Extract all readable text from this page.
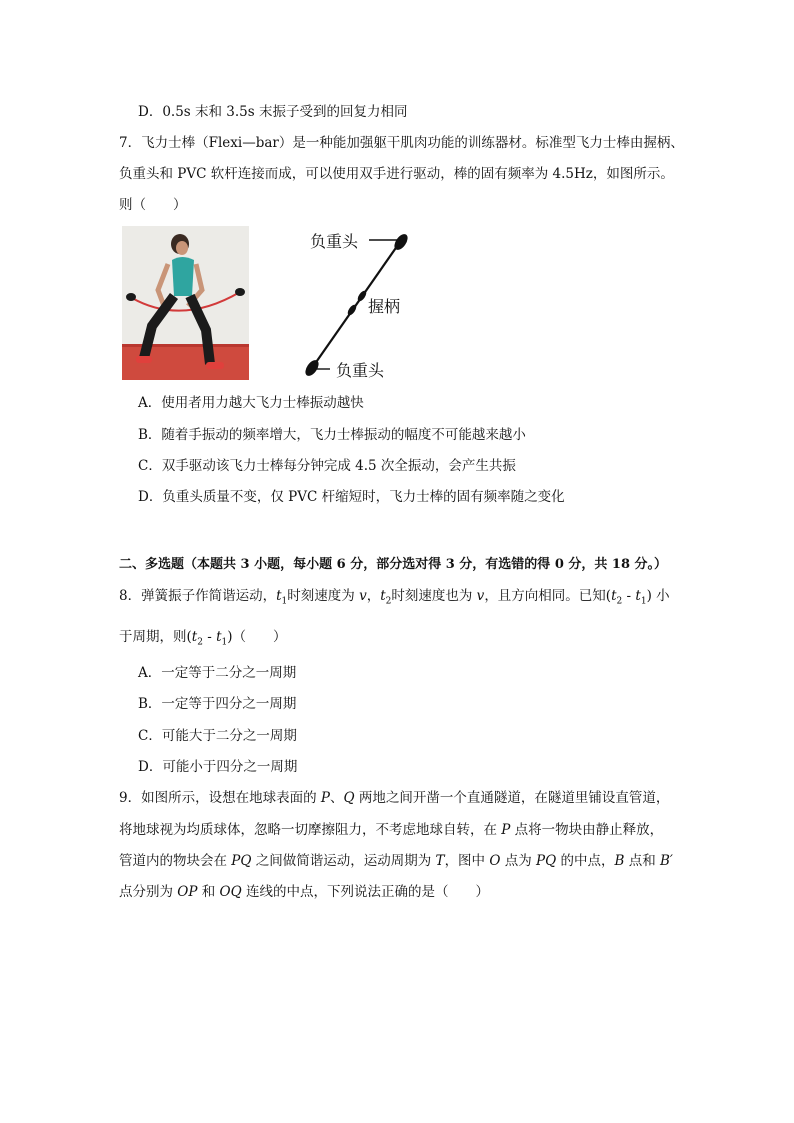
D．0.5s 末和 3.5s 末振子受到的回复力相同
7．飞力士棒（Flexi—bar）是一种能加强躯干肌肉功能的训练器材。标准型飞力士棒由握柄、
负重头和 PVC 软杆连接而成，可以使用双手进行驱动，棒的固有频率为 4.5Hz，如图所示。
则（　　）
负重头
握柄
负重头
A．使用者用力越大飞力士棒振动越快
B．随着手振动的频率增大，飞力士棒振动的幅度不可能越来越小
C．双手驱动该飞力士棒每分钟完成 4.5 次全振动，会产生共振
D．负重头质量不变，仅 PVC 杆缩短时，飞力士棒的固有频率随之变化
二、多选题（本题共 3 小题，每小题 6 分，部分选对得 3 分，有选错的得 0 分，共 18 分。）
8．弹簧振子作简谐运动，$t_1$时刻速度为 v，$t_2$时刻速度也为 v，且方向相同。已知$(t_2 - t_1)$ 小
于周期，则$(t_2 - t_1)$（　　）
A．一定等于二分之一周期
B．一定等于四分之一周期
C．可能大于二分之一周期
D．可能小于四分之一周期
9．如图所示，设想在地球表面的 P、Q 两地之间开凿一个直通隧道，在隧道里铺设直管道，
将地球视为均质球体，忽略一切摩擦阻力，不考虑地球自转，在 P 点将一物块由静止释放，
管道内的物块会在 PQ 之间做简谐运动，运动周期为 T，图中 O 点为 PQ 的中点，B 点和 B′
点分别为 OP 和 OQ 连线的中点，下列说法正确的是（　　）
